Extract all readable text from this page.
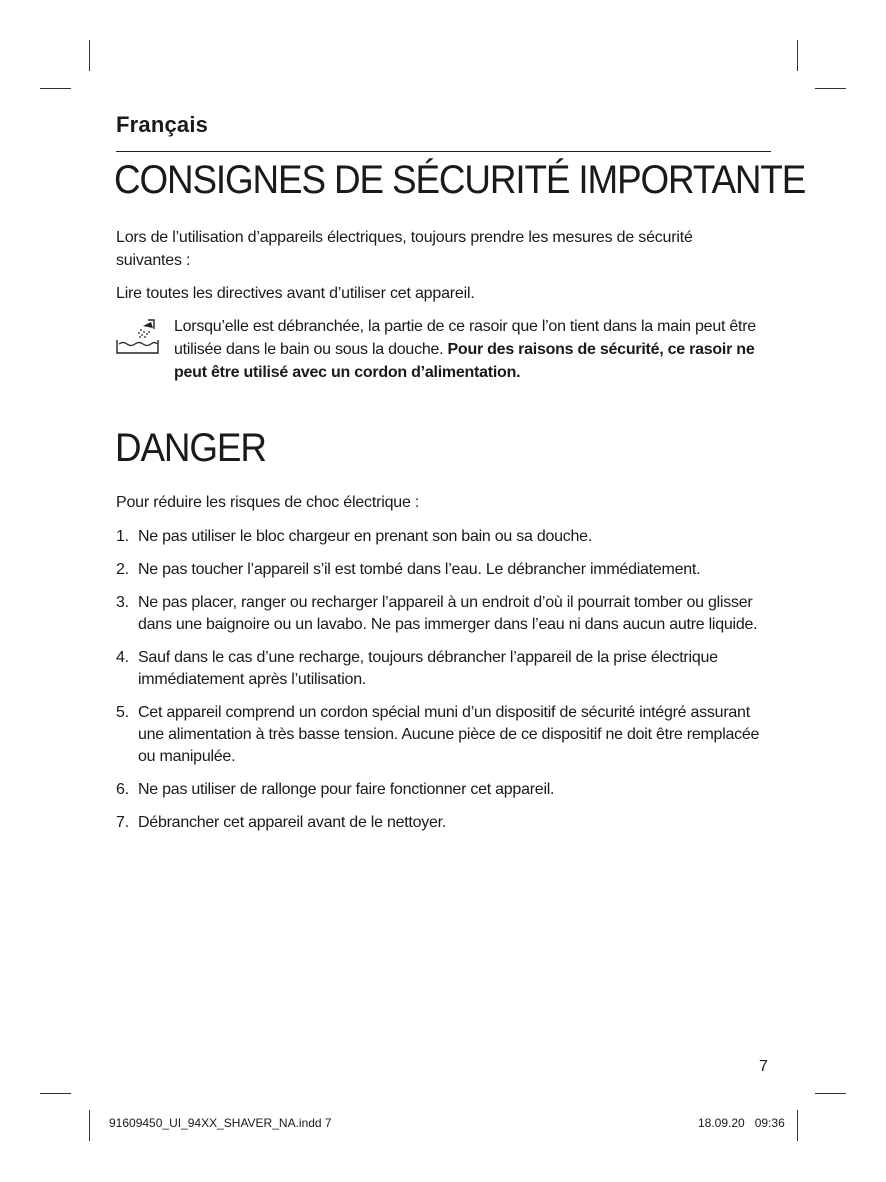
Français
CONSIGNES DE SÉCURITÉ IMPORTANTE
Lors de l’utilisation d’appareils électriques, toujours prendre les mesures de sécurité suivantes :
Lire toutes les directives avant d’utiliser cet appareil.
Lorsqu’elle est débranchée, la partie de ce rasoir que l’on tient dans la main peut être utilisée dans le bain ou sous la douche. Pour des raisons de sécurité, ce rasoir ne peut être utilisé avec un cordon d’alimentation.
DANGER
Pour réduire les risques de choc électrique :
1. Ne pas utiliser le bloc chargeur en prenant son bain ou sa douche.
2. Ne pas toucher l’appareil s’il est tombé dans l’eau. Le débrancher immédiatement.
3. Ne pas placer, ranger ou recharger l’appareil à un endroit d’où il pourrait tomber ou glisser dans une baignoire ou un lavabo. Ne pas immerger dans l’eau ni dans aucun autre liquide.
4. Sauf dans le cas d’une recharge, toujours débrancher l’appareil de la prise électrique immédiatement après l’utilisation.
5. Cet appareil comprend un cordon spécial muni d’un dispositif de sécurité intégré assurant une alimentation à très basse tension. Aucune pièce de ce dispositif ne doit être remplacée ou manipulée.
6. Ne pas utiliser de rallonge pour faire fonctionner cet appareil.
7. Débrancher cet appareil avant de le nettoyer.
7
91609450_UI_94XX_SHAVER_NA.indd 7	18.09.20   09:36
